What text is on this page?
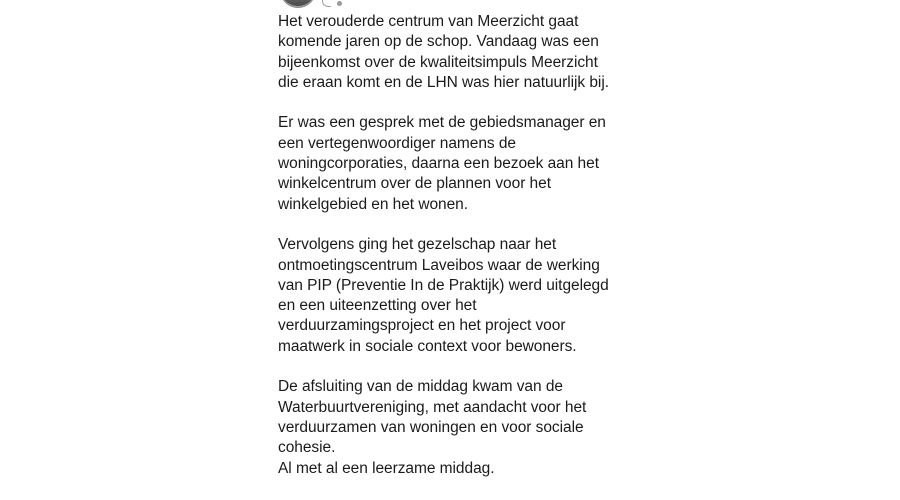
Het verouderde centrum van Meerzicht gaat
komende jaren op de schop. Vandaag was een
bijeenkomst over de kwaliteitsimpuls Meerzicht
die eraan komt en de LHN was hier natuurlijk bij.

Er was een gesprek met de gebiedsmanager en
een vertegenwoordiger namens de
woningcorporaties, daarna een bezoek aan het
winkelcentrum over de plannen voor het
winkelgebied en het wonen.

Vervolgens ging het gezelschap naar het
ontmoetingscentrum Laveibos waar de werking
van PIP (Preventie In de Praktijk) werd uitgelegd
en een uiteenzetting over het
verduurzamingsproject en het project voor
maatwerk in sociale context voor bewoners.

De afsluiting van de middag kwam van de
Waterbuurtvereniging, met aandacht voor het
verduurzamen van woningen en voor sociale
cohesie.
Al met al een leerzame middag.
